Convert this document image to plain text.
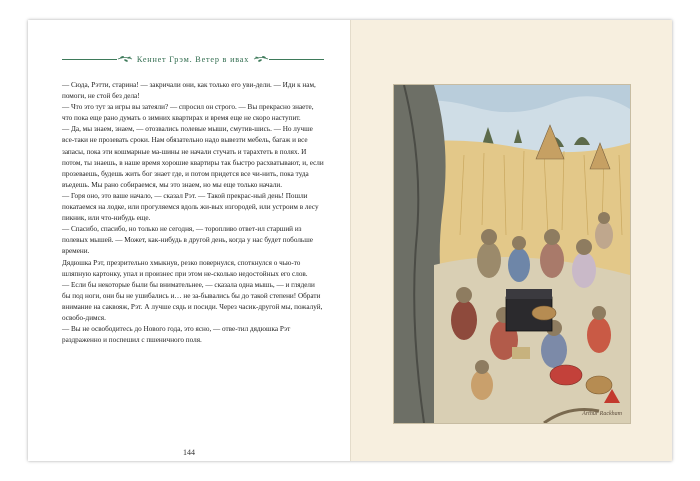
Кеннет Грэм. Ветер в ивах

— Сюда, Рэтти, старина! — закричали они, как только его уви-дели. — Иди к нам, помоги, не стой без дела!

— Что это тут за игры вы затеяли? — спросил он строго. — Вы прекрасно знаете, что пока еще рано думать о зимних квартирах и время еще не скоро наступит.

— Да, мы знаем, знаем, — отозвались полевые мыши, смутив-шись. — Но лучше все-таки не прозевать сроки. Нам обязательно надо вывезти мебель, багаж и все запасы, пока эти кошмарные ма-шины не начали стучать и тарахтеть в полях. И потом, ты знаешь, в наше время хорошие квартиры так быстро расхватывают, и, если прозеваешь, будешь жить бог знает где, и потом придется все чи-нить, пока туда въедешь. Мы рано собираемся, мы это знаем, но мы еще только начали.

— Горя оно, это ваше начало, — сказал Рэт. — Такой прекрас-ный день! Пошли покатаемся на лодке, или прогуляемся вдоль жи-вых изгородей, или устроим в лесу пикник, или что-нибудь еще.

— Спасибо, спасибо, но только не сегодня, — торопливо ответ-ил старший из полевых мышей. — Может, как-нибудь в другой день, когда у нас будет побольше времени.

Дядюшка Рэт, презрительно хмыкнув, резко повернулся, споткнулся о чью-то шляпную картонку, упал и произнес при этом не-сколько недостойных его слов.

— Если бы некоторые были бы внимательнее, — сказала одна мышь, — и глядели бы под ноги, они бы не ушибались и… не за-бывались бы до такой степени! Обрати внимание на саквояж, Рэт. А лучше сядь и посиди. Через часик-другой мы, пожалуй, освобо-димся.

— Вы не освободитесь до Нового года, это ясно, — отве-тил дядюшка Рэт раздраженно и поспешил с пшеничного поля.

144
Arthur Rackham
